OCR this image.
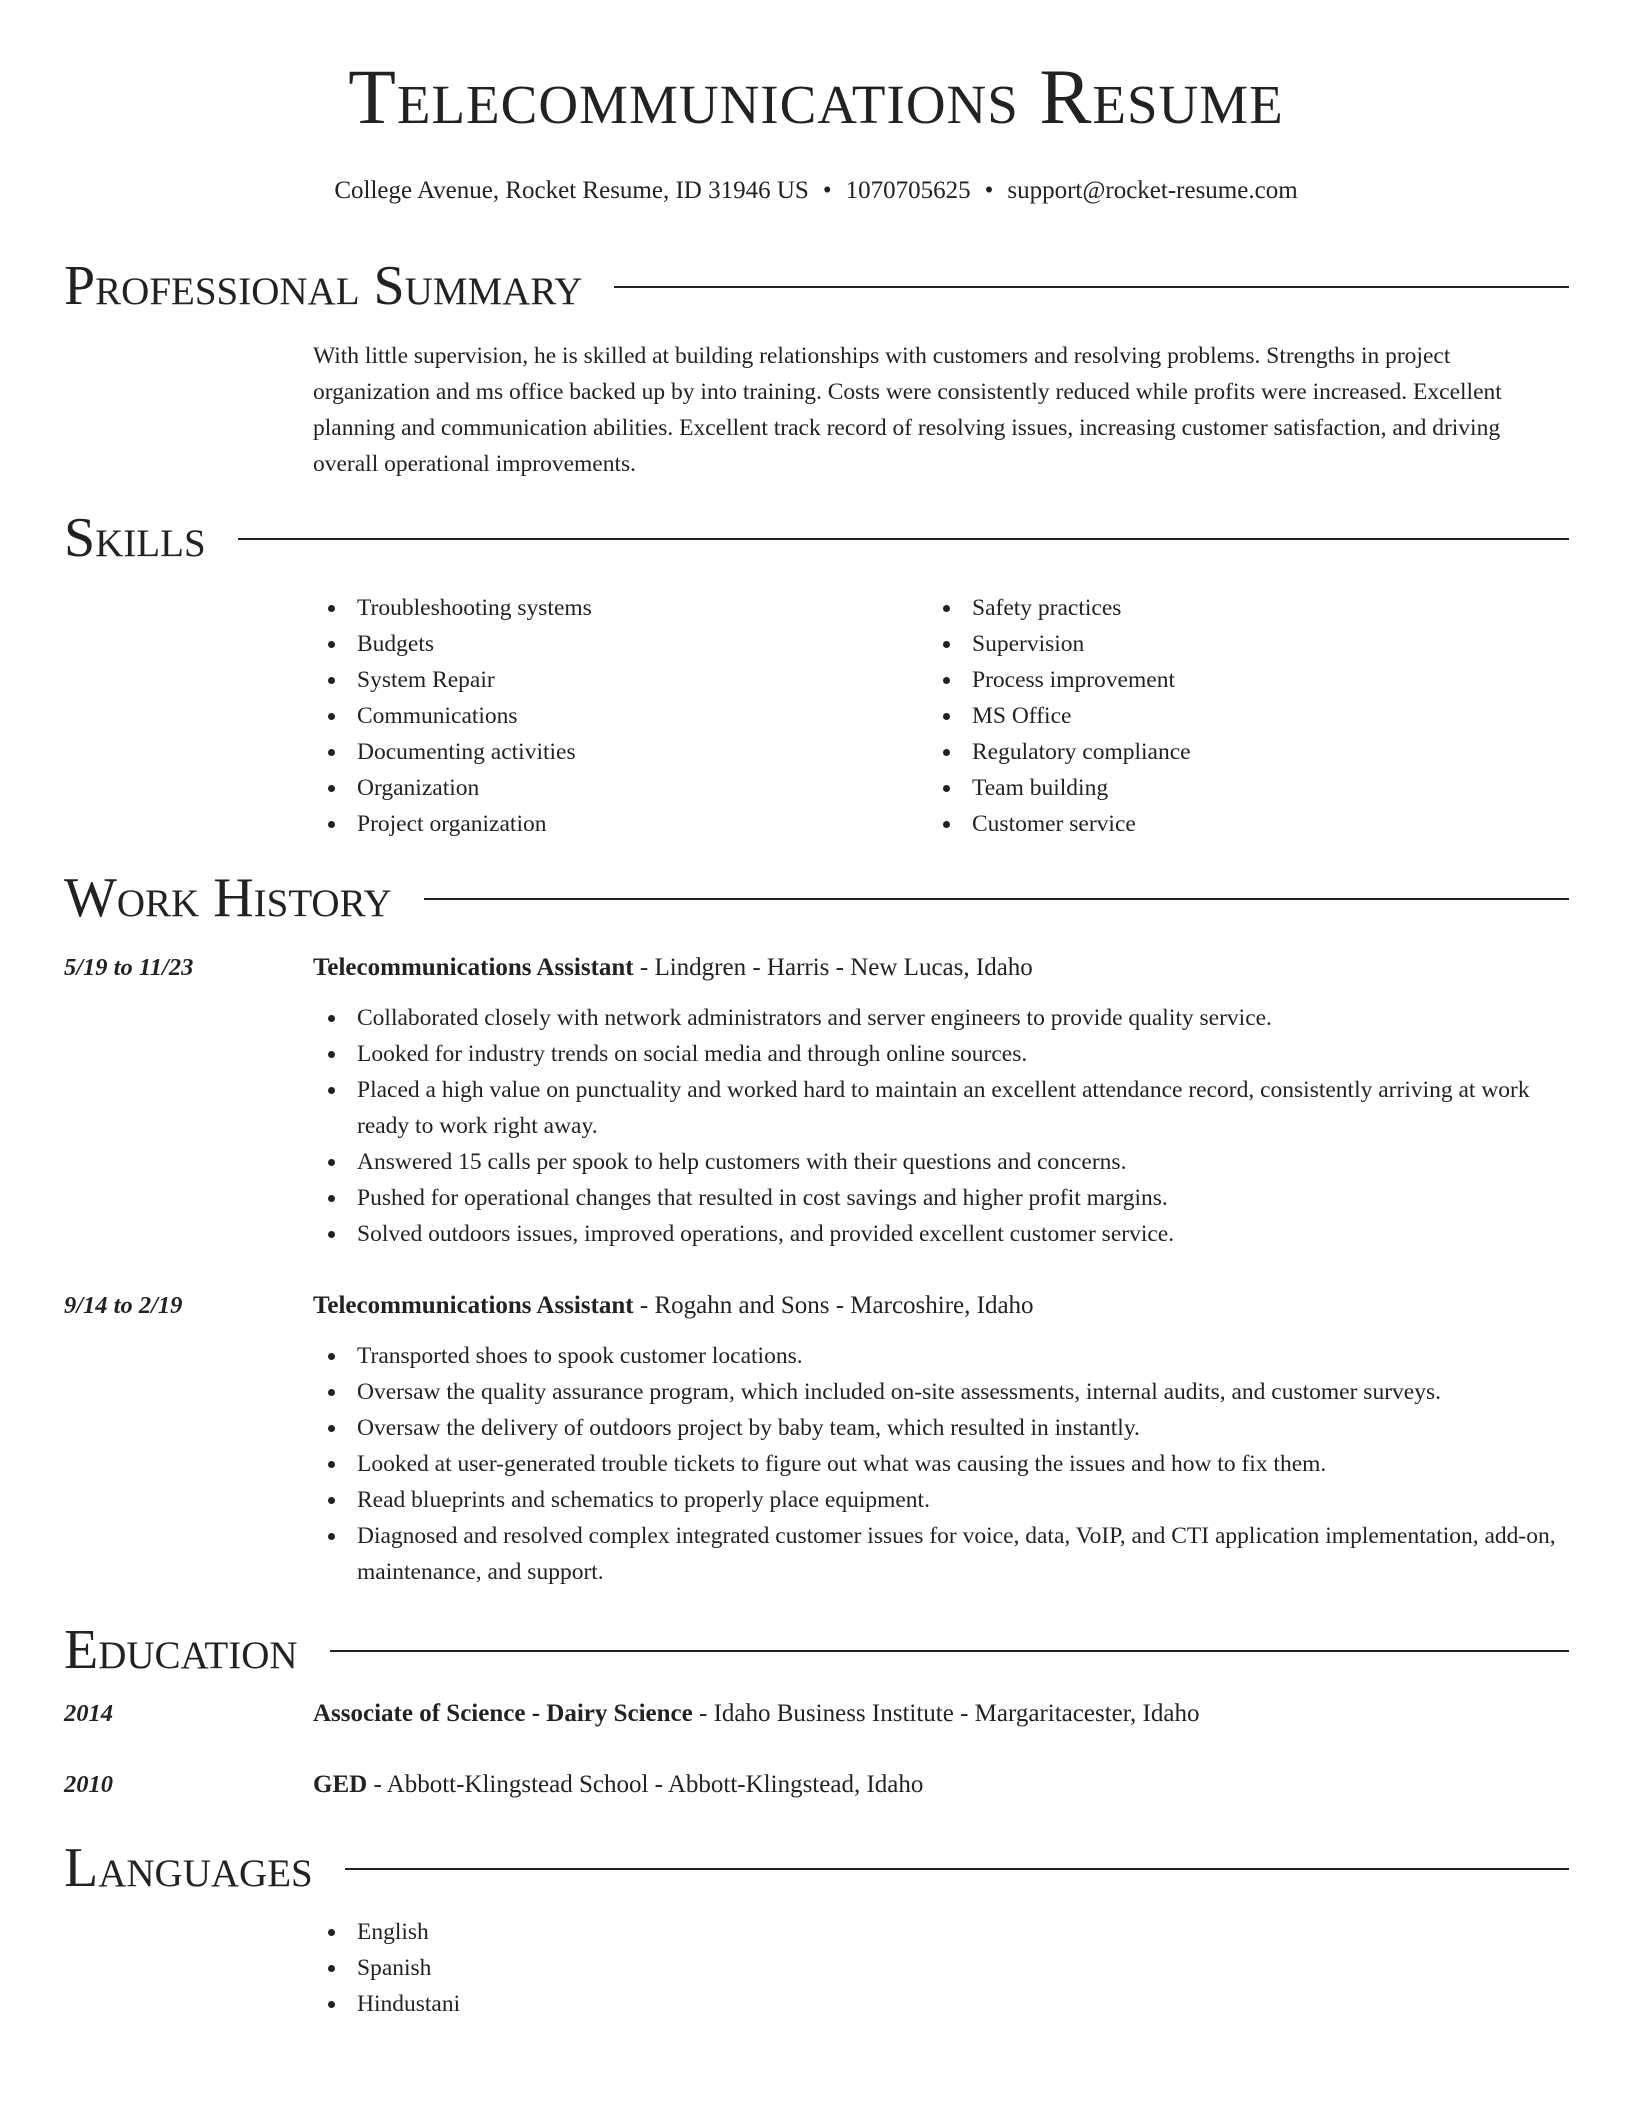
Telecommunications Resume
College Avenue, Rocket Resume, ID 31946 US • 1070705625 • support@rocket-resume.com
Professional Summary
With little supervision, he is skilled at building relationships with customers and resolving problems. Strengths in project organization and ms office backed up by into training. Costs were consistently reduced while profits were increased. Excellent planning and communication abilities. Excellent track record of resolving issues, increasing customer satisfaction, and driving overall operational improvements.
Skills
Troubleshooting systems
Budgets
System Repair
Communications
Documenting activities
Organization
Project organization
Safety practices
Supervision
Process improvement
MS Office
Regulatory compliance
Team building
Customer service
Work History
5/19 to 11/23	Telecommunications Assistant - Lindgren - Harris - New Lucas, Idaho
Collaborated closely with network administrators and server engineers to provide quality service.
Looked for industry trends on social media and through online sources.
Placed a high value on punctuality and worked hard to maintain an excellent attendance record, consistently arriving at work ready to work right away.
Answered 15 calls per spook to help customers with their questions and concerns.
Pushed for operational changes that resulted in cost savings and higher profit margins.
Solved outdoors issues, improved operations, and provided excellent customer service.
9/14 to 2/19	Telecommunications Assistant - Rogahn and Sons - Marcoshire, Idaho
Transported shoes to spook customer locations.
Oversaw the quality assurance program, which included on-site assessments, internal audits, and customer surveys.
Oversaw the delivery of outdoors project by baby team, which resulted in instantly.
Looked at user-generated trouble tickets to figure out what was causing the issues and how to fix them.
Read blueprints and schematics to properly place equipment.
Diagnosed and resolved complex integrated customer issues for voice, data, VoIP, and CTI application implementation, add-on, maintenance, and support.
Education
2014	Associate of Science - Dairy Science - Idaho Business Institute - Margaritacester, Idaho
2010	GED - Abbott-Klingstead School - Abbott-Klingstead, Idaho
Languages
English
Spanish
Hindustani
